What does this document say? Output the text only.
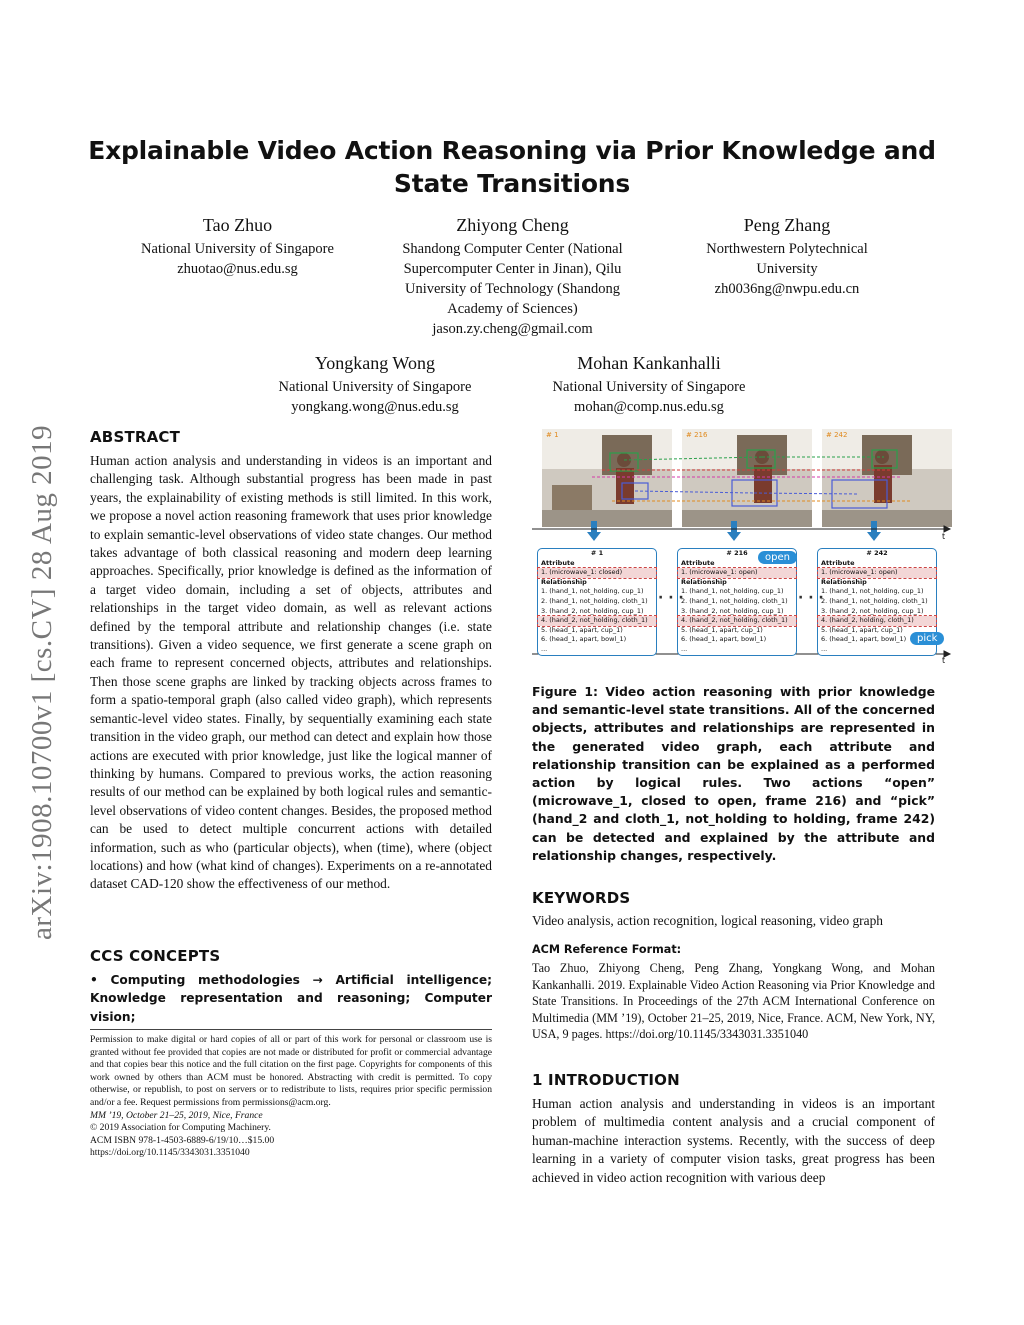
Explainable Video Action Reasoning via Prior Knowledge and State Transitions
Tao Zhuo
National University of Singapore
zhuotao@nus.edu.sg
Zhiyong Cheng
Shandong Computer Center (National
Supercomputer Center in Jinan), Qilu
University of Technology (Shandong
Academy of Sciences)
jason.zy.cheng@gmail.com
Peng Zhang
Northwestern Polytechnical
University
zh0036ng@nwpu.edu.cn
Yongkang Wong
National University of Singapore
yongkang.wong@nus.edu.sg
Mohan Kankanhalli
National University of Singapore
mohan@comp.nus.edu.sg
arXiv:1908.10700v1 [cs.CV] 28 Aug 2019	ABSTRACT

Human action analysis and understanding in videos is an important and challenging task. Although substantial progress has been made in past years, the explainability of existing methods is still limited. In this work, we propose a novel action reasoning framework that uses prior knowledge to explain semantic-level observations of video state changes. Our method takes advantage of both classical reasoning and modern deep learning approaches. Specifically, prior knowledge is defined as the information of a target video domain, including a set of objects, attributes and relationships in the target video domain, as well as relevant actions defined by the temporal attribute and relationship changes (i.e. state transitions). Given a video sequence, we first generate a scene graph on each frame to represent concerned objects, attributes and relationships. Then those scene graphs are linked by tracking objects across frames to form a spatio-temporal graph (also called video graph), which represents semantic-level video states. Finally, by sequentially examining each state transition in the video graph, our method can detect and explain how those actions are executed with prior knowledge, just like the logical manner of thinking by humans. Compared to previous works, the action reasoning results of our method can be explained by both logical rules and semantic-level observations of video content changes. Besides, the proposed method can be used to detect multiple concurrent actions with detailed information, such as who (particular objects), when (time), where (object locations) and how (what kind of changes). Experiments on a re-annotated dataset CAD-120 show the effectiveness of our method.

CCS CONCEPTS
• Computing methodologies → Artificial intelligence; Knowledge representation and reasoning; Computer vision;
Permission to make digital or hard copies of all or part of this work for personal or classroom use is granted without fee provided that copies are not made or distributed for profit or commercial advantage and that copies bear this notice and the full citation on the first page. Copyrights for components of this work owned by others than ACM must be honored. Abstracting with credit is permitted. To copy otherwise, or republish, to post on servers or to redistribute to lists, requires prior specific permission and/or a fee. Request permissions from permissions@acm.org.
MM ’19, October 21–25, 2019, Nice, France
© 2019 Association for Computing Machinery.
ACM ISBN 978-1-4503-6889-6/19/10…$15.00
https://doi.org/10.1145/3343031.3351040
# 1	# 216	# 242
t
t
# 1
Attribute
1. (microwave_1: closed)
Relationship
1. (hand_1, not_holding, cup_1)
2. (hand_1, not_holding, cloth_1)
3. (hand_2, not_holding, cup_1)
4. (hand_2, not_holding, cloth_1)
5. (head_1, apart, cup_1)
6. (head_1, apart, bowl_1)
...
# 216
Attribute
1. (microwave_1: open)
Relationship
1. (hand_1, not_holding, cup_1)
2. (hand_1, not_holding, cloth_1)
3. (hand_2, not_holding, cup_1)
4. (hand_2, not_holding, cloth_1)
5. (head_1, apart, cup_1)
6. (head_1, apart, bowl_1)
...
# 242
Attribute
1. (microwave_1: open)
Relationship
1. (hand_1, not_holding, cup_1)
2. (hand_1, not_holding, cloth_1)
3. (hand_2, not_holding, cup_1)
4. (hand_2, holding, cloth_1)
5. (head_1, apart, cup_1)
6. (head_1, apart, bowl_1)
...
· · ·	· · ·
open
pick
Figure 1: Video action reasoning with prior knowledge and semantic-level state transitions. All of the concerned objects, attributes and relationships are represented in the generated video graph, each attribute and relationship transition can be explained as a performed action by logical rules. Two actions “open” (microwave_1, closed to open, frame 216) and “pick” (hand_2 and cloth_1, not_holding to holding, frame 242) can be detected and explained by the attribute and relationship changes, respectively.
KEYWORDS
Video analysis, action recognition, logical reasoning, video graph
ACM Reference Format:
Tao Zhuo, Zhiyong Cheng, Peng Zhang, Yongkang Wong, and Mohan Kankanhalli. 2019. Explainable Video Action Reasoning via Prior Knowledge and State Transitions. In Proceedings of the 27th ACM International Conference on Multimedia (MM ’19), October 21–25, 2019, Nice, France. ACM, New York, NY, USA, 9 pages. https://doi.org/10.1145/3343031.3351040
1 INTRODUCTION
Human action analysis and understanding in videos is an important problem of multimedia content analysis and a crucial component of human-machine interaction systems. Recently, with the success of deep learning in a variety of computer vision tasks, great progress has been achieved in video action recognition with various deep
